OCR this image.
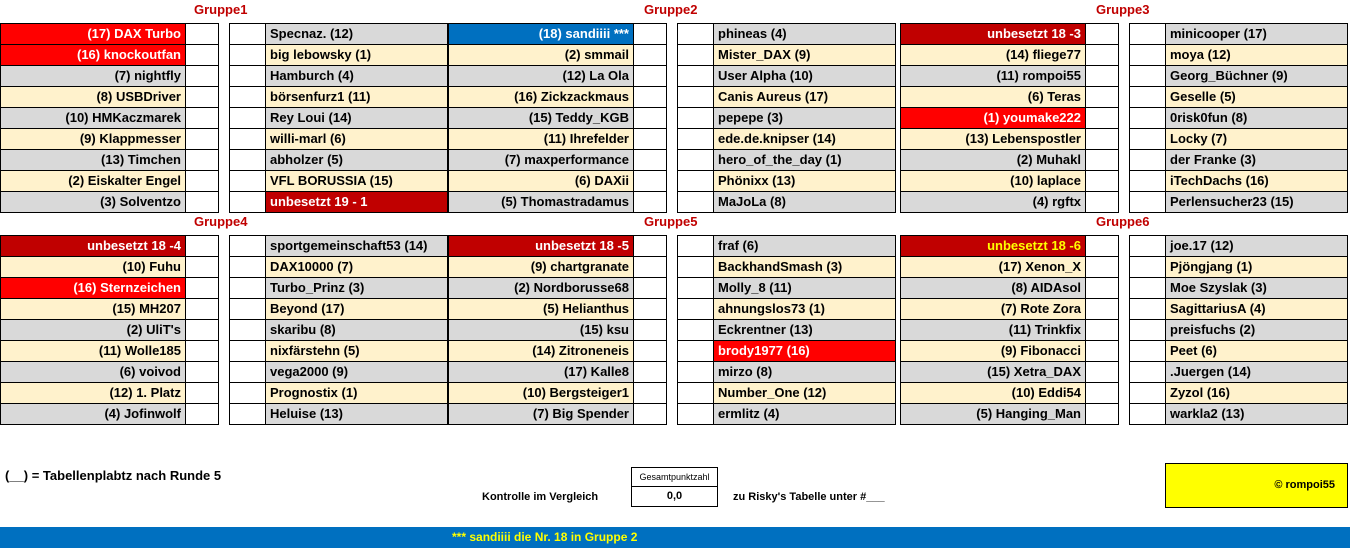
Gruppe1
(17) DAX Turbo	Specnaz. (12)
(16) knockoutfan	big lebowsky (1)
(7) nightfly	Hamburch (4)
(8) USBDriver	börsenfurz1 (11)
(10) HMKaczmarek	Rey Loui (14)
(9) Klappmesser	willi-marl (6)
(13) Timchen	abholzer (5)
(2) Eiskalter Engel	VFL BORUSSIA (15)
(3) Solventzo	unbesetzt 19 - 1
Gruppe2
(18) sandiiii ***	phineas (4)
(2) smmail	Mister_DAX (9)
(12) La Ola	User Alpha (10)
(16) Zickzackmaus	Canis Aureus (17)
(15) Teddy_KGB	pepepe (3)
(11) Ihrefelder	ede.de.knipser (14)
(7) maxperformance	hero_of_the_day (1)
(6) DAXii	Phönixx (13)
(5) Thomastradamus	MaJoLa (8)
Gruppe3
unbesetzt 18 -3	minicooper (17)
(14) fliege77	moya (12)
(11) rompoi55	Georg_Büchner (9)
(6) Teras	Geselle (5)
(1) youmake222	0risk0fun (8)
(13) Lebenspostler	Locky (7)
(2) Muhakl	der Franke (3)
(10) laplace	iTechDachs (16)
(4) rgftx	Perlensucher23 (15)
Gruppe4
unbesetzt 18 -4	sportgemeinschaft53 (14)
(10) Fuhu	DAX10000 (7)
(16) Sternzeichen	Turbo_Prinz (3)
(15) MH207	Beyond (17)
(2) UliT's	skaribu (8)
(11) Wolle185	nixfärstehn (5)
(6) voivod	vega2000 (9)
(12) 1. Platz	Prognostix (1)
(4) Jofinwolf	Heluise (13)
Gruppe5
unbesetzt 18 -5	fraf (6)
(9) chartgranate	BackhandSmash (3)
(2) Nordborusse68	Molly_8 (11)
(5) Helianthus	ahnungslos73 (1)
(15) ksu	Eckrentner (13)
(14) Zitroneneis	brody1977 (16)
(17) Kalle8	mirzo (8)
(10) Bergsteiger1	Number_One (12)
(7) Big Spender	ermlitz (4)
Gruppe6
unbesetzt 18 -6	joe.17 (12)
(17) Xenon_X	Pjöngjang (1)
(8) AIDAsol	Moe Szyslak (3)
(7) Rote Zora	SagittariusA (4)
(11) Trinkfix	preisfuchs (2)
(9) Fibonacci	Peet (6)
(15) Xetra_DAX	.Juergen (14)
(10) Eddi54	Zyzol (16)
(5) Hanging_Man	warkla2 (13)
(__) = Tabellenplabtz nach Runde 5
Kontrolle im Vergleich
Gesamtpunktzahl
0,0	zu Risky's Tabelle unter #___
© rompoi55
*** sandiiii die Nr. 18 in Gruppe 2
